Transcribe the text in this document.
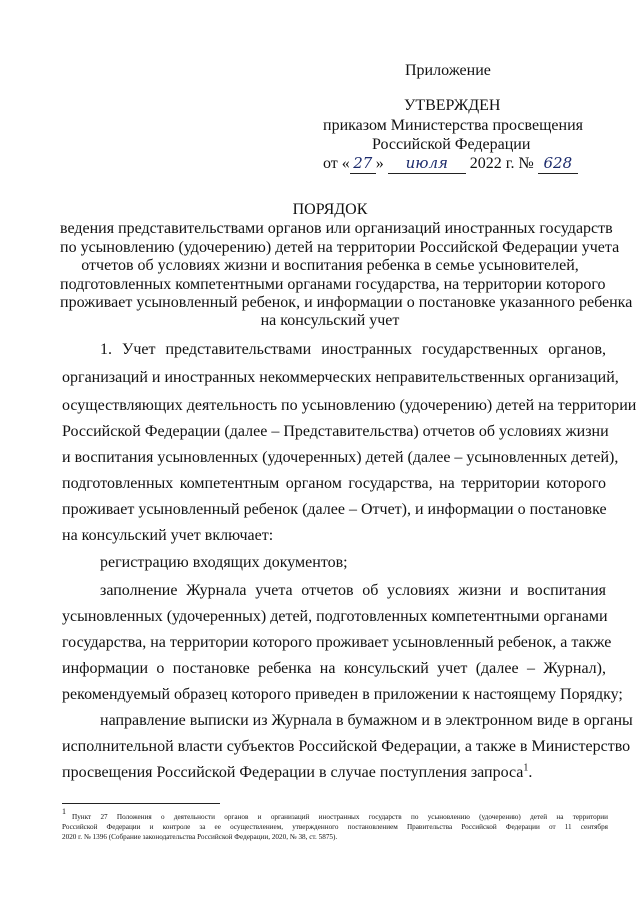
Приложение
УТВЕРЖДЕН
приказом Министерства просвещения
Российской Федерации
от « 27 » июля 2022 г. № 628
ПОРЯДОК
ведения представительствами органов или организаций иностранных государств
по усыновлению (удочерению) детей на территории Российской Федерации учета
отчетов об условиях жизни и воспитания ребенка в семье усыновителей,
подготовленных компетентными органами государства, на территории которого
проживает усыновленный ребенок, и информации о постановке указанного ребенка
на консульский учет
1. Учет представительствами иностранных государственных органов,
организаций и иностранных некоммерческих неправительственных организаций,
осуществляющих деятельность по усыновлению (удочерению) детей на территории
Российской Федерации (далее – Представительства) отчетов об условиях жизни
и воспитания усыновленных (удочеренных) детей (далее – усыновленных детей),
подготовленных компетентным органом государства, на территории которого
проживает усыновленный ребенок (далее – Отчет), и информации о постановке
на консульский учет включает:
регистрацию входящих документов;
заполнение Журнала учета отчетов об условиях жизни и воспитания
усыновленных (удочеренных) детей, подготовленных компетентными органами
государства, на территории которого проживает усыновленный ребенок, а также
информации о постановке ребенка на консульский учет (далее – Журнал),
рекомендуемый образец которого приведен в приложении к настоящему Порядку;
направление выписки из Журнала в бумажном и в электронном виде в органы
исполнительной власти субъектов Российской Федерации, а также в Министерство
просвещения Российской Федерации в случае поступления запроса$^1$.
1
Пункт 27 Положения о деятельности органов и организаций иностранных государств по усыновлению (удочерению) детей на территории
Российской Федерации и контроле за ее осуществлением, утвержденного постановлением Правительства Российской Федерации от 11 сентября
2020 г. № 1396 (Собрание законодательства Российской Федерации, 2020, № 38, ст. 5875).
